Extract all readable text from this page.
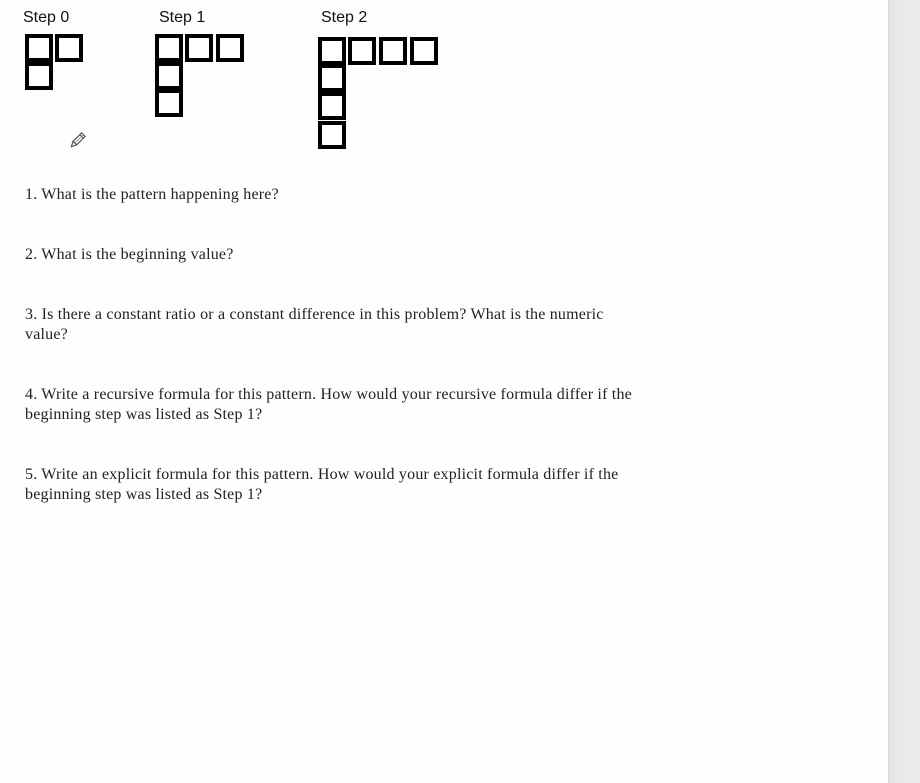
Step 0	Step 1	Step 2
1. What is the pattern happening here?
2. What is the beginning value?
3. Is there a constant ratio or a constant difference in this problem? What is the numeric value?
4. Write a recursive formula for this pattern. How would your recursive formula differ if the beginning step was listed as Step 1?
5. Write an explicit formula for this pattern. How would your explicit formula differ if the beginning step was listed as Step 1?
